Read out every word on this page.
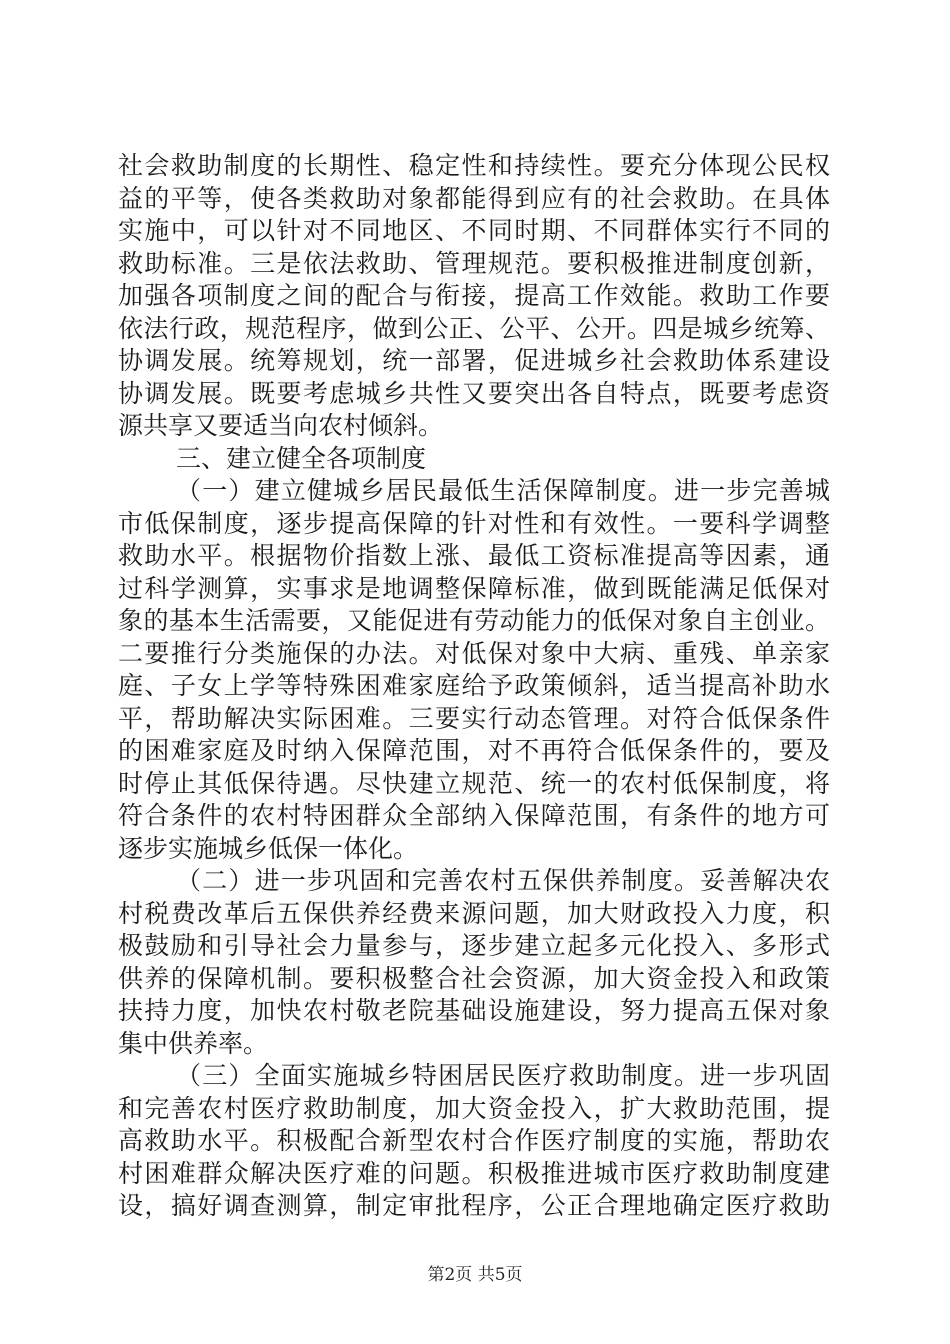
社会救助制度的长期性、稳定性和持续性。要充分体现公民权
益的平等，使各类救助对象都能得到应有的社会救助。在具体
实施中，可以针对不同地区、不同时期、不同群体实行不同的
救助标准。三是依法救助、管理规范。要积极推进制度创新，
加强各项制度之间的配合与衔接，提高工作效能。救助工作要
依法行政，规范程序，做到公正、公平、公开。四是城乡统筹、
协调发展。统筹规划，统一部署，促进城乡社会救助体系建设
协调发展。既要考虑城乡共性又要突出各自特点，既要考虑资
源共享又要适当向农村倾斜。
三、建立健全各项制度
（一）建立健城乡居民最低生活保障制度。进一步完善城
市低保制度，逐步提高保障的针对性和有效性。一要科学调整
救助水平。根据物价指数上涨、最低工资标准提高等因素，通
过科学测算，实事求是地调整保障标准，做到既能满足低保对
象的基本生活需要，又能促进有劳动能力的低保对象自主创业。
二要推行分类施保的办法。对低保对象中大病、重残、单亲家
庭、子女上学等特殊困难家庭给予政策倾斜，适当提高补助水
平，帮助解决实际困难。三要实行动态管理。对符合低保条件
的困难家庭及时纳入保障范围，对不再符合低保条件的，要及
时停止其低保待遇。尽快建立规范、统一的农村低保制度，将
符合条件的农村特困群众全部纳入保障范围，有条件的地方可
逐步实施城乡低保一体化。
（二）进一步巩固和完善农村五保供养制度。妥善解决农
村税费改革后五保供养经费来源问题，加大财政投入力度，积
极鼓励和引导社会力量参与，逐步建立起多元化投入、多形式
供养的保障机制。要积极整合社会资源，加大资金投入和政策
扶持力度，加快农村敬老院基础设施建设，努力提高五保对象
集中供养率。
（三）全面实施城乡特困居民医疗救助制度。进一步巩固
和完善农村医疗救助制度，加大资金投入，扩大救助范围，提
高救助水平。积极配合新型农村合作医疗制度的实施，帮助农
村困难群众解决医疗难的问题。积极推进城市医疗救助制度建
设，搞好调查测算，制定审批程序，公正合理地确定医疗救助
第2页 共5页
